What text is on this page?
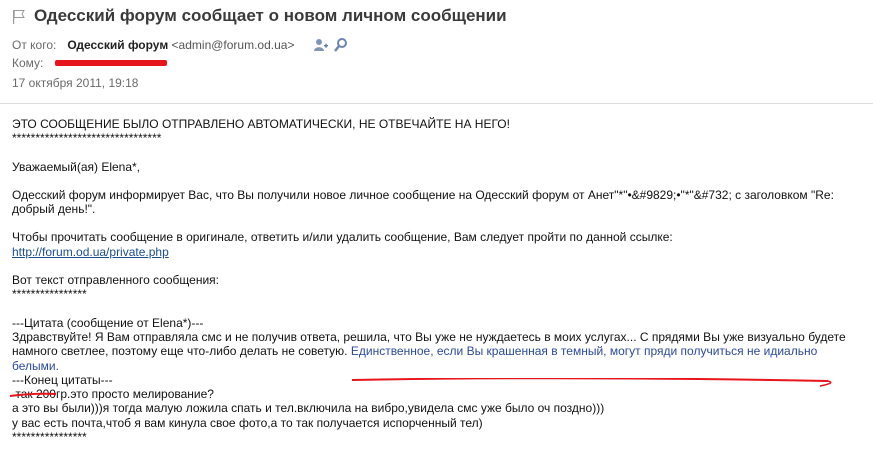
Одесский форум сообщает о новом личном сообщении
От кого: Одесский форум <admin@forum.od.ua>
Кому:
17 октября 2011, 19:18

ЭТО СООБЩЕНИЕ БЫЛО ОТПРАВЛЕНО АВТОМАТИЧЕСКИ, НЕ ОТВЕЧАЙТЕ НА НЕГО!

********************************

Уважаемый(ая) Elena*,

Одесский форум информирует Вас, что Вы получили новое личное сообщение на Одесский форум от Анет"*"•&#9829;•"*"&#732; с заголовком "Re:

добрый день!".

Чтобы прочитать сообщение в оригинале, ответить и/или удалить сообщение, Вам следует пройти по данной ссылке:

http://forum.od.ua/private.php

Вот текст отправленного сообщения:

****************

---Цитата (сообщение от Elena*)---

Здравствуйте! Я Вам отправляла смс и не получив ответа, решила, что Вы уже не нуждаетесь в моих услугах... С прядями Вы уже визуально будете

намного светлее, поэтому еще что-либо делать не советую. Единственное, если Вы крашенная в темный, могут пряди получиться не идиально

белыми.

---Конец цитаты---

так 200гр.это просто мелирование?

а это вы были)))я тогда малую ложила спать и тел.включила на вибро,увидела смс уже было оч поздно)))

у вас есть почта,чтоб я вам кинула свое фото,а то так получается испорченный тел)

****************
